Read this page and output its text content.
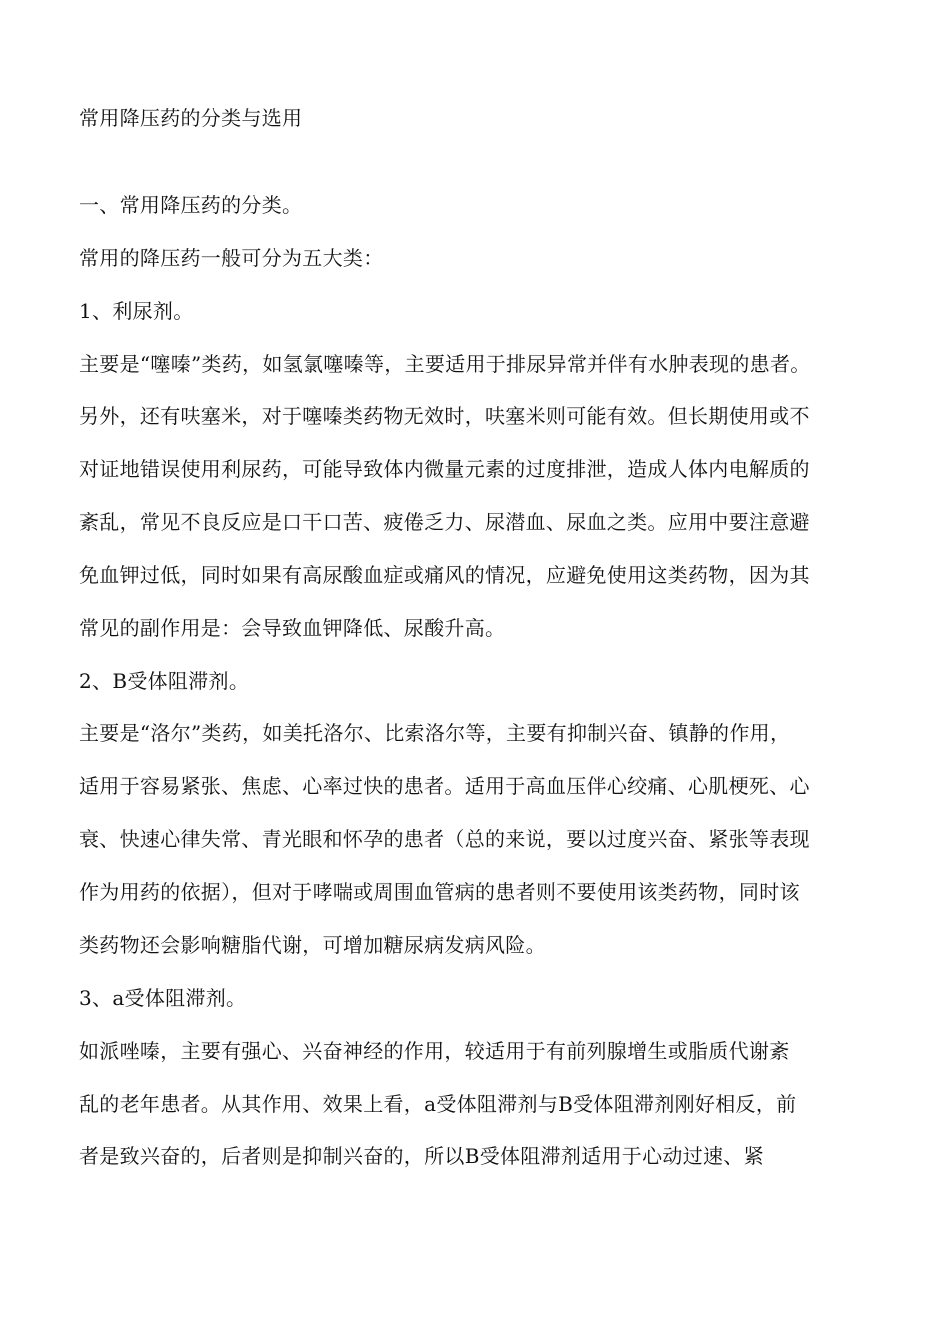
常用降压药的分类与选用
一、常用降压药的分类。
常用的降压药一般可分为五大类：
1、利尿剂。
主要是“噻嗪”类药，如氢氯噻嗪等，主要适用于排尿异常并伴有水肿表现的患者。
另外，还有呋塞米，对于噻嗪类药物无效时，呋塞米则可能有效。但长期使用或不
对证地错误使用利尿药，可能导致体内微量元素的过度排泄，造成人体内电解质的
紊乱，常见不良反应是口干口苦、疲倦乏力、尿潜血、尿血之类。应用中要注意避
免血钾过低，同时如果有高尿酸血症或痛风的情况，应避免使用这类药物，因为其
常见的副作用是：会导致血钾降低、尿酸升高。
2、B受体阻滞剂。
主要是“洛尔”类药，如美托洛尔、比索洛尔等，主要有抑制兴奋、镇静的作用，
适用于容易紧张、焦虑、心率过快的患者。适用于高血压伴心绞痛、心肌梗死、心
衰、快速心律失常、青光眼和怀孕的患者（总的来说，要以过度兴奋、紧张等表现
作为用药的依据），但对于哮喘或周围血管病的患者则不要使用该类药物，同时该
类药物还会影响糖脂代谢，可增加糖尿病发病风险。
3、a受体阻滞剂。
如派唑嗪，主要有强心、兴奋神经的作用，较适用于有前列腺增生或脂质代谢紊
乱的老年患者。从其作用、效果上看，a受体阻滞剂与B受体阻滞剂刚好相反，前
者是致兴奋的，后者则是抑制兴奋的，所以B受体阻滞剂适用于心动过速、紧
